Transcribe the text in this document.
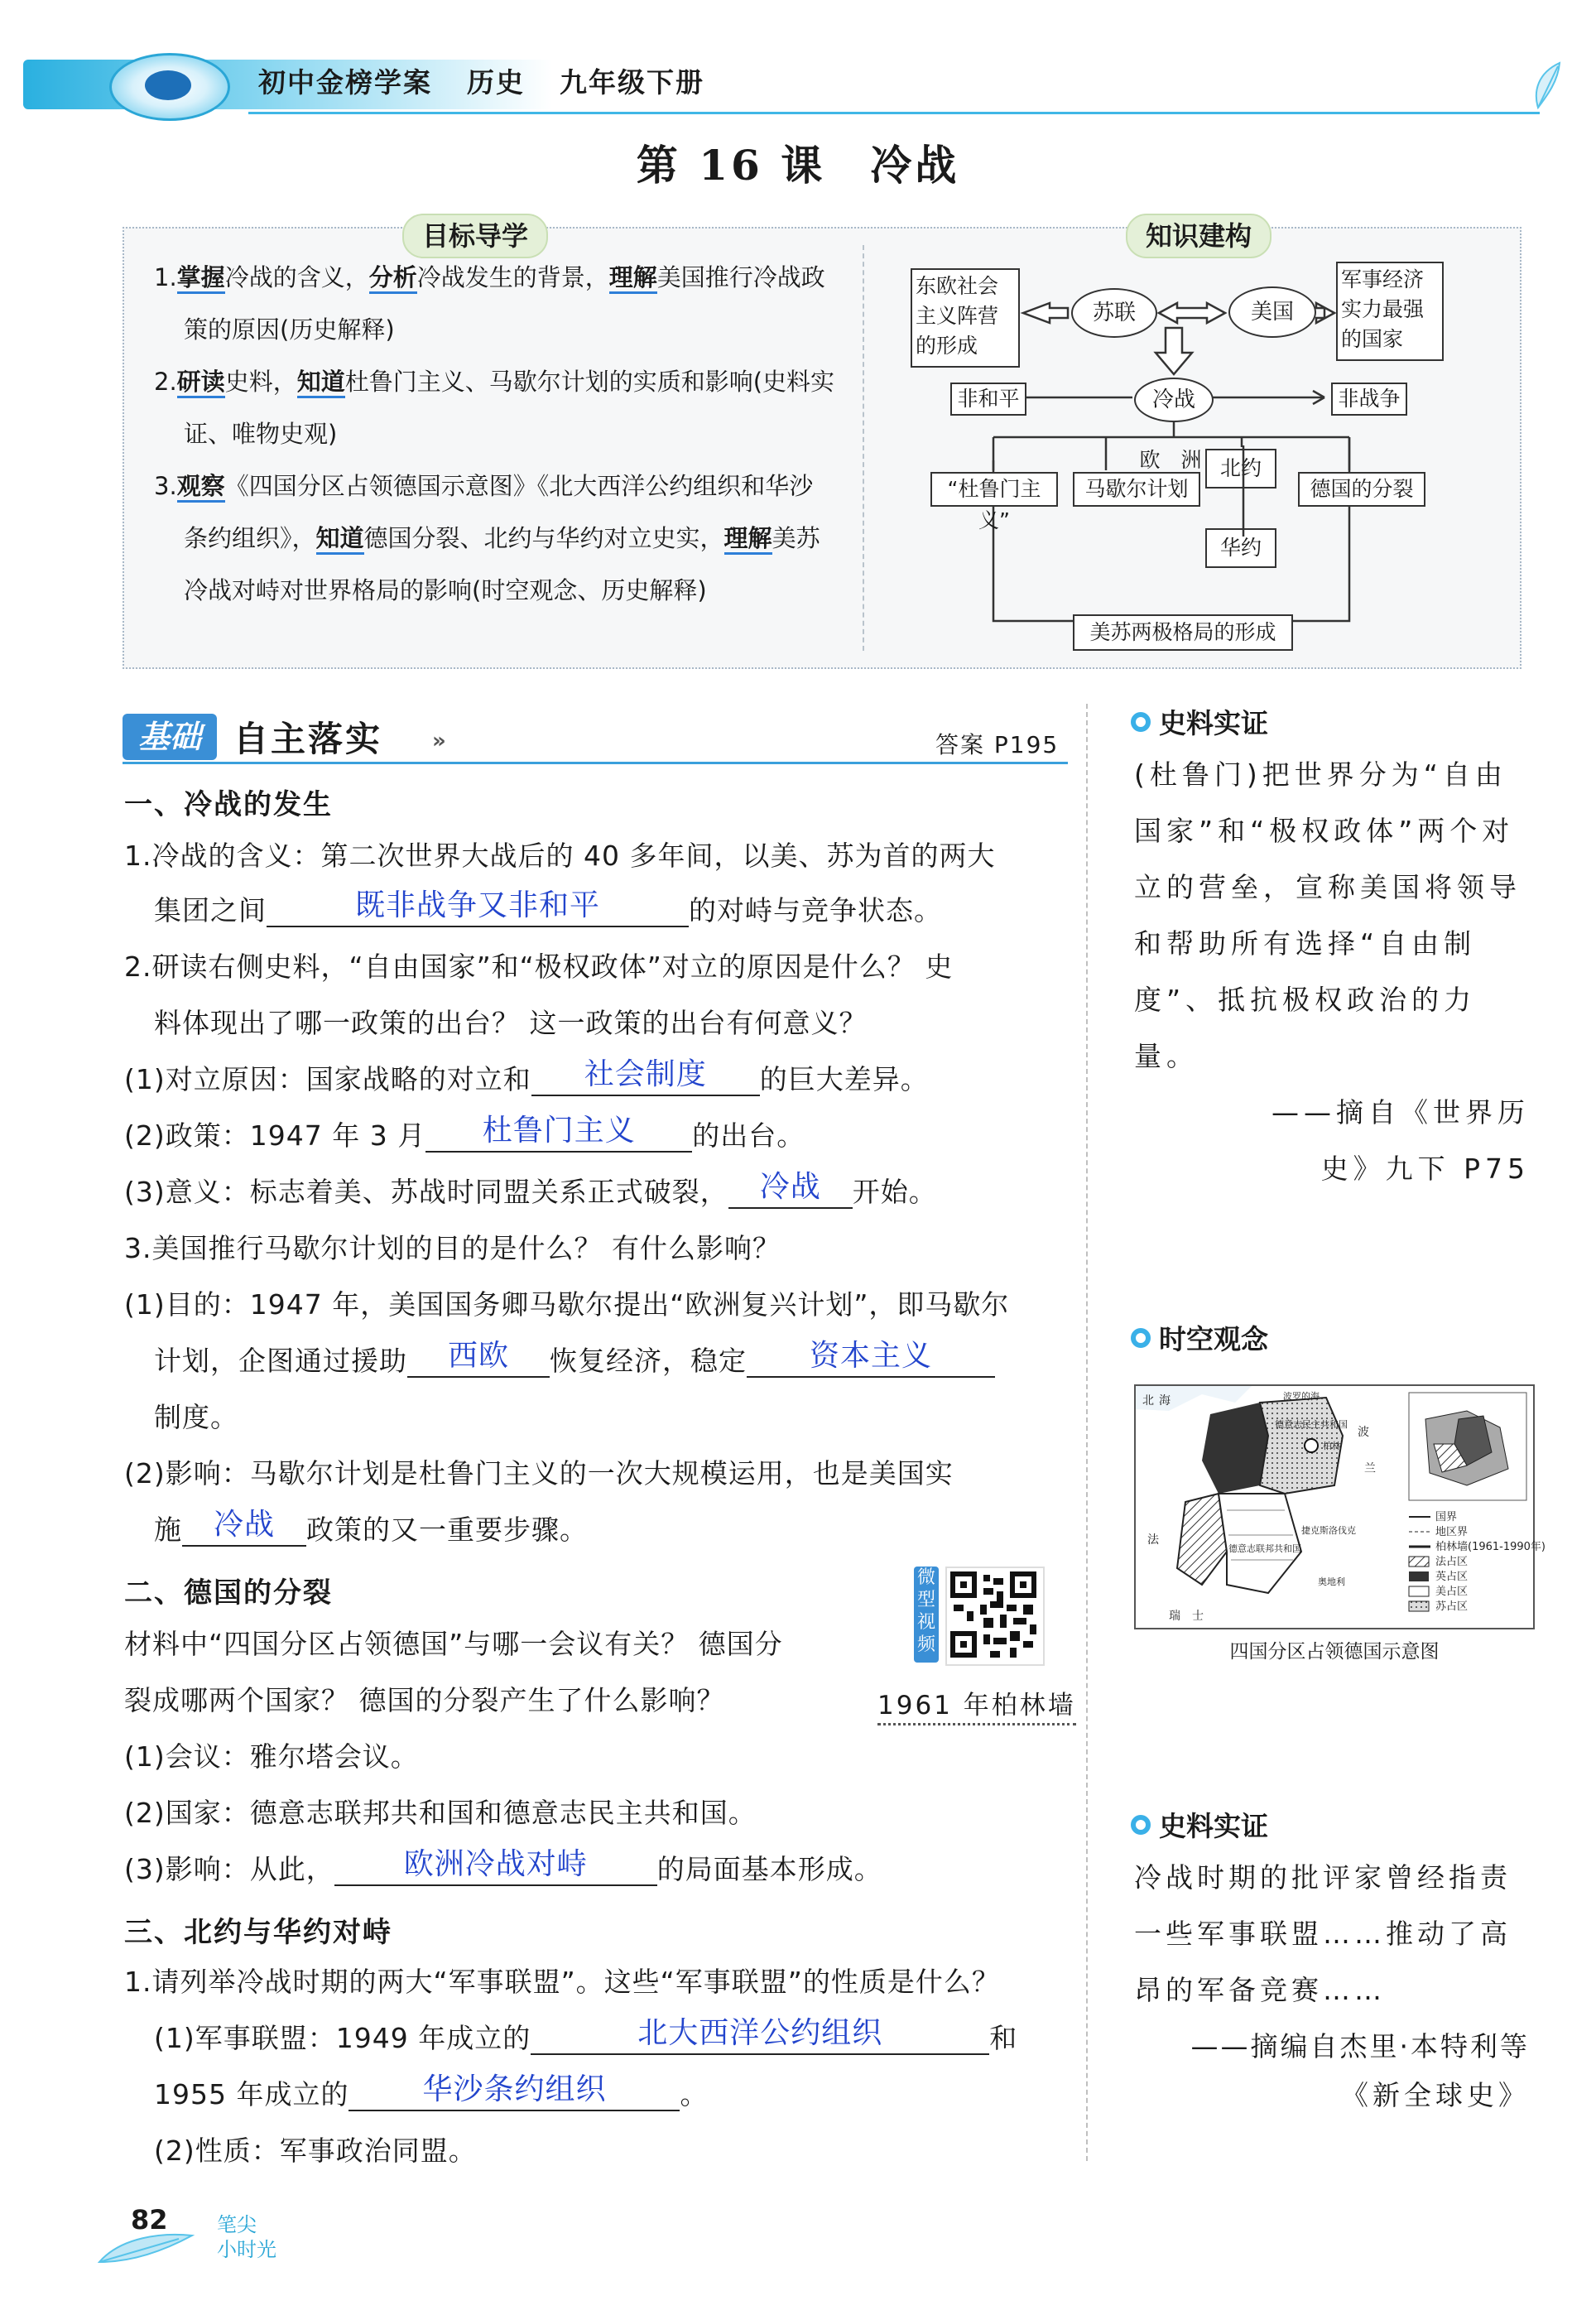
初中金榜学案 历史 九年级下册
第 16 课　冷战
目标导学	知识建构

1.掌握冷战的含义，分析冷战发生的背景，理解美国推行冷战政策的原因(历史解释)

2.研读史料，知道杜鲁门主义、马歇尔计划的实质和影响(史料实证、唯物史观)

3.观察《四国分区占领德国示意图》《北大西洋公约组织和华沙条约组织》，知道德国分裂、北约与华约对立史实，理解美苏冷战对峙对世界格局的影响(时空观念、历史解释)

东欧社会主义阵营的形成
苏联	美国
军事经济实力最强的国家
冷战
非和平	非战争
欧　洲
“杜鲁门主义”
马歇尔计划
北约
华约
德国的分裂
美苏两极格局的形成
基础 自主落实 »	答案 P195
一、冷战的发生
1.冷战的含义：第二次世界大战后的 40 多年间，以美、苏为首的两大
集团之间	既非战争又非和平	的对峙与竞争状态。
2.研读右侧史料，“自由国家”和“极权政体”对立的原因是什么？ 史
料体现出了哪一政策的出台？ 这一政策的出台有何意义？
(1)对立原因：国家战略的对立和 社会制度 的巨大差异。
(2)政策：1947 年 3 月 杜鲁门主义 的出台。
(3)意义：标志着美、苏战时同盟关系正式破裂， 冷战 开始。
3.美国推行马歇尔计划的目的是什么？ 有什么影响？
(1)目的：1947 年，美国国务卿马歇尔提出“欧洲复兴计划”，即马歇尔
计划，企图通过援助 西欧 恢复经济，稳定 资本主义
制度。
(2)影响：马歇尔计划是杜鲁门主义的一次大规模运用，也是美国实
施 冷战 政策的又一重要步骤。
二、德国的分裂	微型视频
1961 年柏林墙
材料中“四国分区占领德国”与哪一会议有关？ 德国分
裂成哪两个国家？ 德国的分裂产生了什么影响？
(1)会议：雅尔塔会议。
(2)国家：德意志联邦共和国和德意志民主共和国。
(3)影响：从此， 欧洲冷战对峙	的局面基本形成。
三、北约与华约对峙
1.请列举冷战时期的两大“军事联盟”。这些“军事联盟”的性质是什么？
(1)军事联盟：1949 年成立的	北大西洋公约组织	和
1955 年成立的 华沙条约组织	。
(2)性质：军事政治同盟。
史料实证
(杜鲁门)把世界分为“自由
国家”和“极权政体”两个对
立的营垒，宣称美国将领导
和帮助所有选择“自由制
度”、抵抗极权政治的力量。
——摘自《世界历
史》九下 P75
时空观念
国界
地区界
柏林墙(1961-1990年)
法占区
英占区
美占区
苏占区
北 海	波罗的海
德意志民主共和国
柏林
波
兰
德意志联邦共和国
捷克斯洛伐克
法
奥地利
瑞　士
四国分区占领德国示意图
史料实证
冷战时期的批评家曾经指责
一些军事联盟……推动了高
昂的军备竞赛……
——摘编自杰里·本特利等
《新全球史》
82 笔尖
小时光
